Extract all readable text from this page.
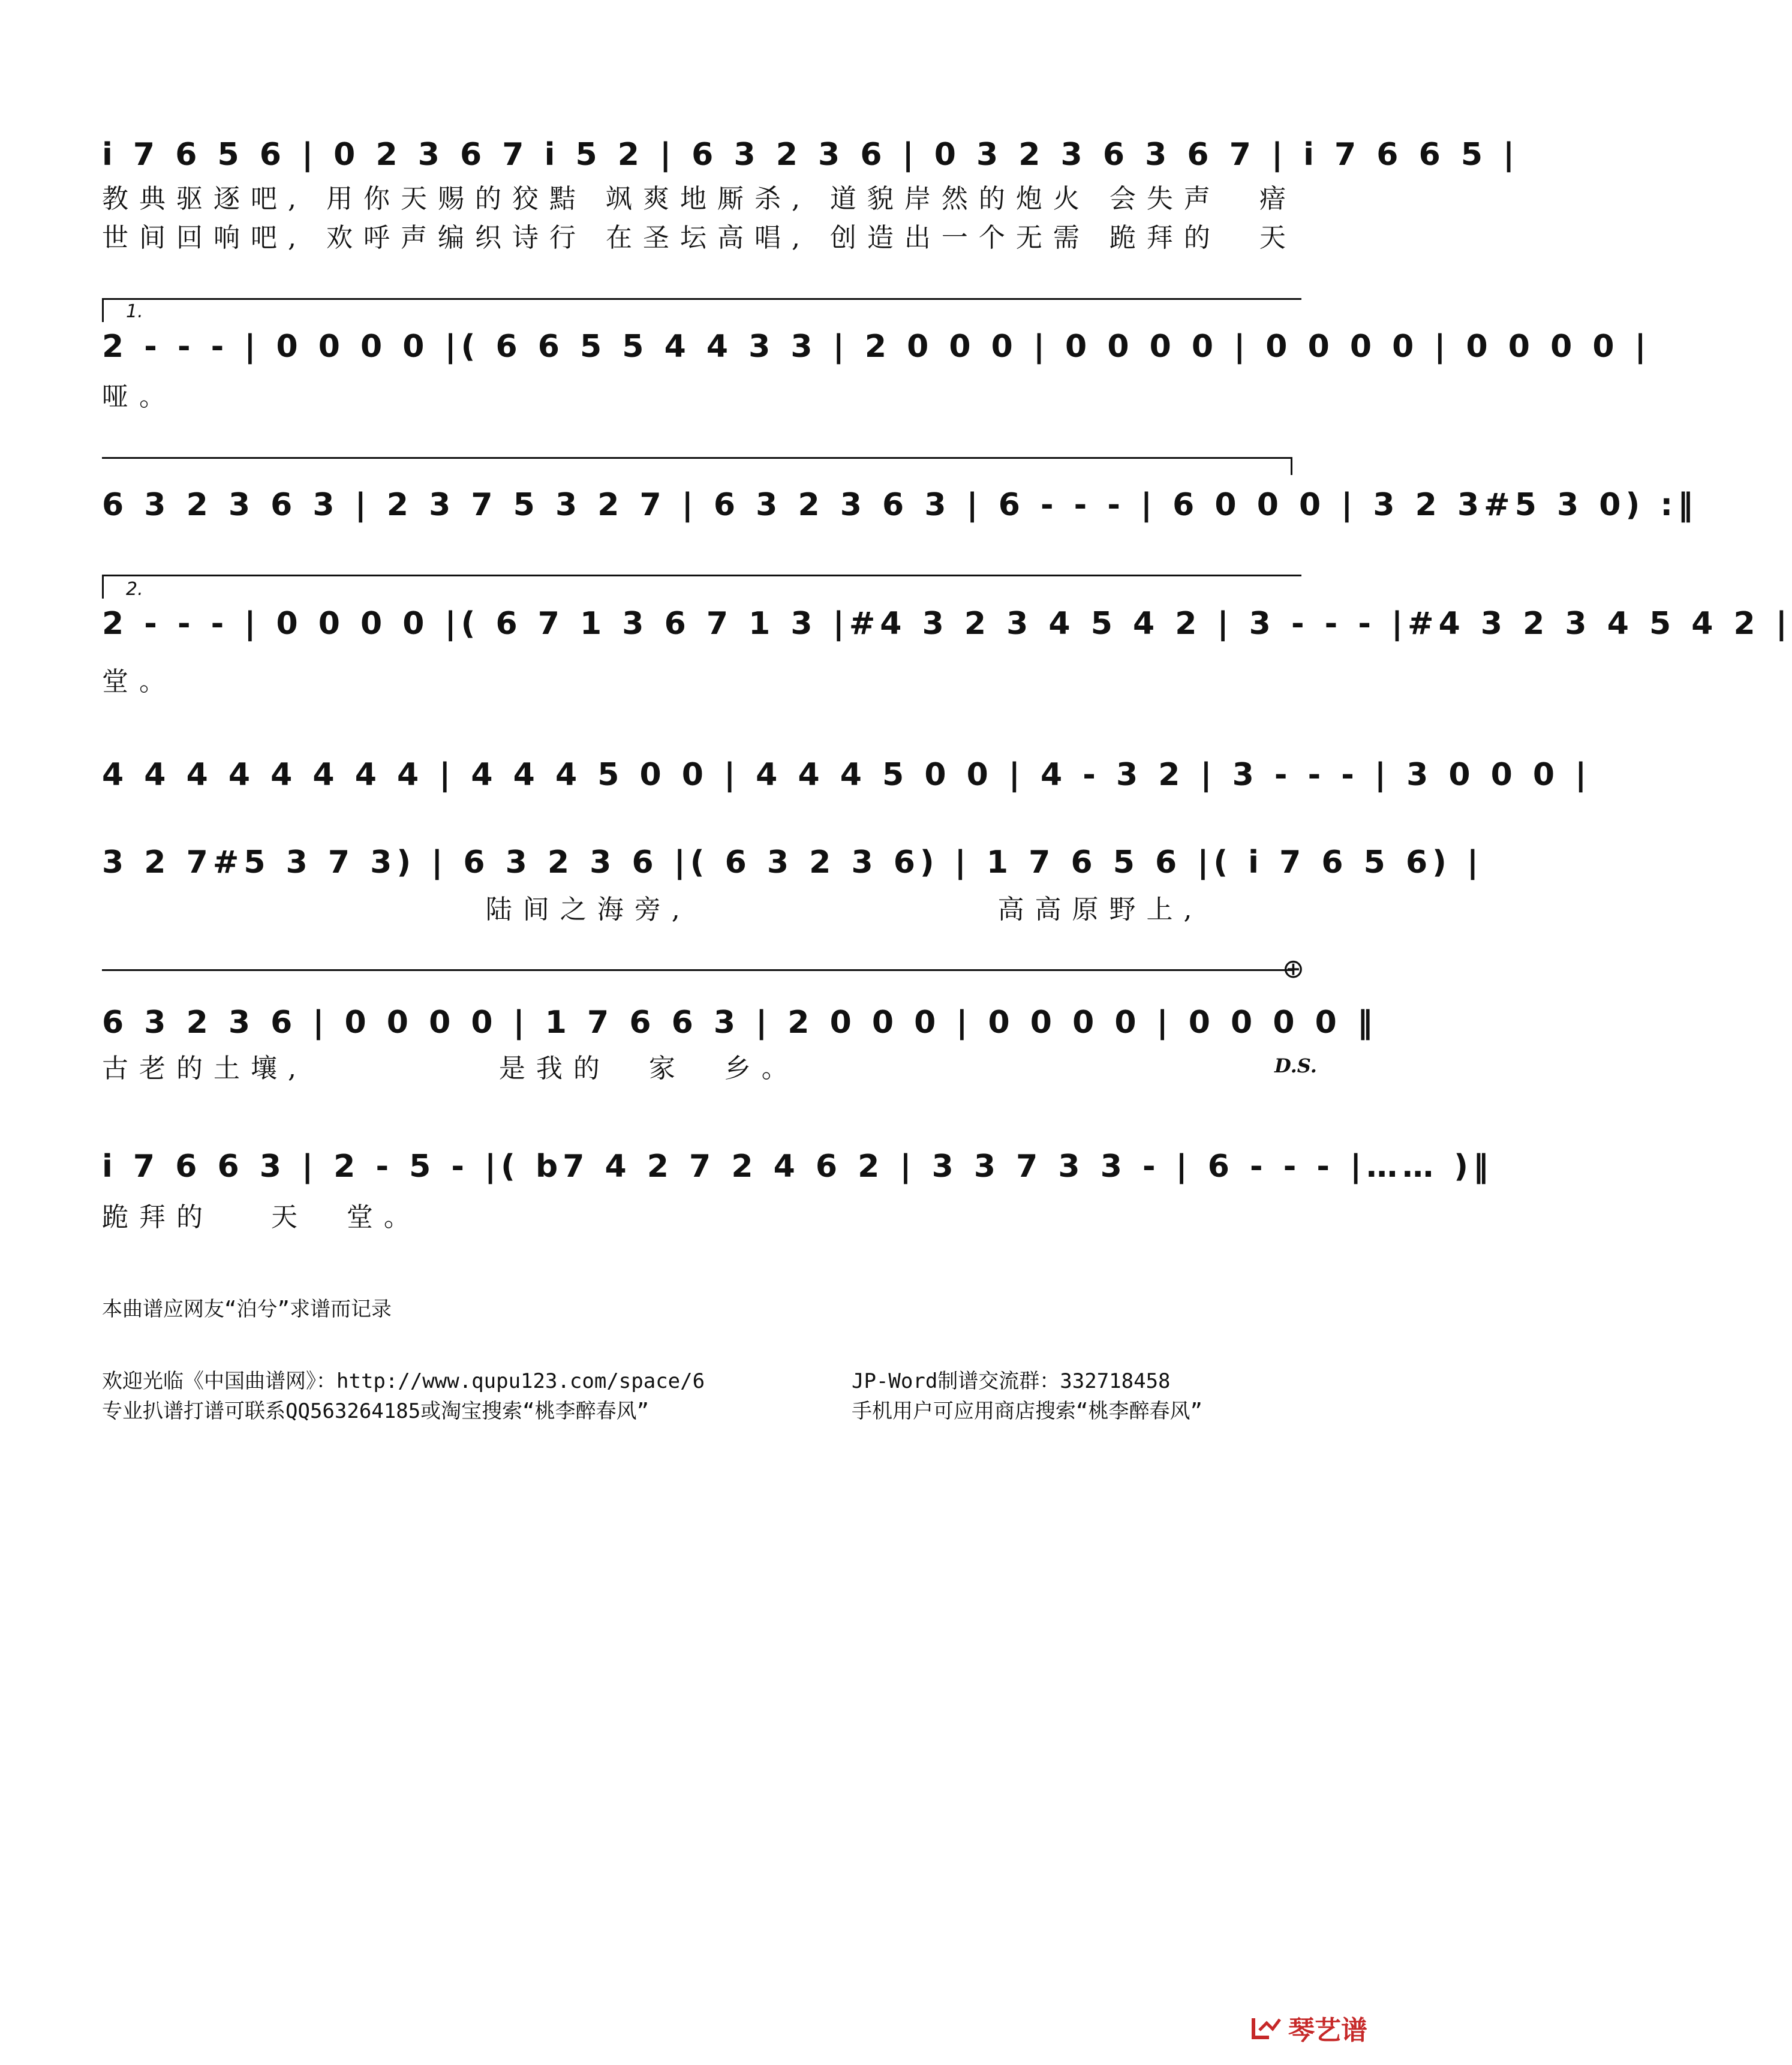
i 7 6 5 6 | 0 2 3 6 7 i 5 2 | 6 3 2 3 6 | 0 3 2 3 6 3 6 7 | i 7 6 6 5 |
教典驱逐吧, 用你天赐的狡黠 飒爽地厮杀, 道貌岸然的炮火 会失声  瘖
世间回响吧, 欢呼声编织诗行 在圣坛高唱, 创造出一个无需 跪拜的  天
1.
2 - - - | 0 0 0 0 |( 6 6 5 5 4 4 3 3 | 2 0 0 0 | 0 0 0 0 | 0 0 0 0 | 0 0 0 0 |
哑。
6 3 2 3 6 3 | 2 3 7 5 3 2 7 | 6 3 2 3 6 3 | 6 - - - | 6 0 0 0 | 3 2 3#5 3 0) :‖
2.
2 - - - | 0 0 0 0 |( 6 7 1 3 6 7 1 3 |#4 3 2 3 4 5 4 2 | 3 - - - |#4 3 2 3 4 5 4 2 |
堂。
4 4 4 4 4 4 4 4 | 4 4 4 5 0 0 | 4 4 4 5 0 0 | 4 - 3 2 | 3 - - - | 3 0 0 0 |
3 2 7#5 3 7 3) | 6 3 2 3 6 |( 6 3 2 3 6) | 1 7 6 5 6 |( i 7 6 5 6) |
陆间之海旁,                高高原野上,
⊕
6 3 2 3 6 | 0 0 0 0 | 1 7 6 6 3 | 2 0 0 0 | 0 0 0 0 | 0 0 0 0 ‖
古老的土壤,          是我的  家  乡。	D.S.
i 7 6 6 3 | 2 - 5 - |( b7 4 2 7 2 4 6 2 | 3 3 7 3 3 - | 6 - - - |…… )‖
跪拜的   天  堂。
本曲谱应网友“泊兮”求谱而记录
欢迎光临《中国曲谱网》：http://www.qupu123.com/space/6	JP-Word制谱交流群：332718458
专业扒谱打谱可联系QQ563264185或淘宝搜索“桃李醉春风”	手机用户可应用商店搜索“桃李醉春风”
琴艺谱
